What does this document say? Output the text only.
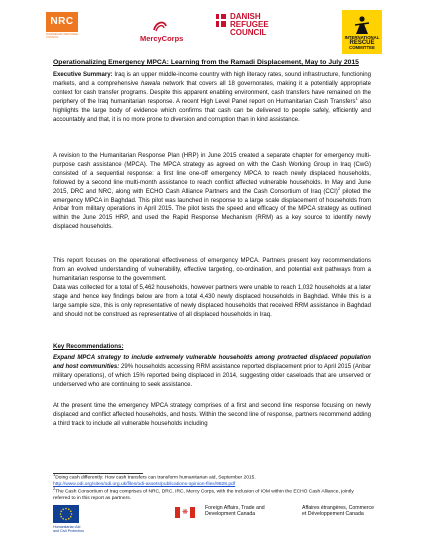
NRC
NORWEGIAN REFUGEE COUNCIL	MercyCorps
DANISH
REFUGEE
COUNCIL	INTERNATIONAL
RESCUE
COMMITTEE
Operationalizing Emergency MPCA: Learning from the Ramadi Displacement, May to July 2015

Executive Summary: Iraq is an upper middle-income country with high literacy rates, sound infrastructure, functioning markets, and a comprehensive hawala network that covers all 18 governorates, making it a potentially appropriate context for cash transfer programs. Despite this apparent enabling environment, cash transfers have remained on the periphery of the Iraq humanitarian response. A recent High Level Panel report on Humanitarian Cash Transfers$^1$ also highlights the large body of evidence which confirms that cash can be delivered to people safely, efficiently and accountably and that, it is no more prone to diversion and corruption than in kind assistance.

A revision to the Humanitarian Response Plan (HRP) in June 2015 created a separate chapter for emergency multi-purpose cash assistance (MPCA). The MPCA strategy as agreed on with the Cash Working Group in Iraq (CwG) consisted of a sequential response: a first line one-off emergency MPCA to reach newly displaced households, followed by a second line multi-month assistance to reach conflict affected vulnerable households. In May and June 2015, DRC and NRC, along with ECHO Cash Alliance Partners and the Cash Consortium of Iraq (CCI)$^2$ piloted the emergency MPCA in Baghdad. This pilot was launched in response to a large scale displacement of households from Anbar from military operations in April 2015. The pilot tests the speed and efficacy of the MPCA strategy as outlined within the June 2015 HRP, and used the Rapid Response Mechanism (RRM) as a key source to identify newly displaced households.

This report focuses on the operational effectiveness of emergency MPCA. Partners present key recommendations from an evolved understanding of vulnerability, effective targeting, co-ordination, and potential exit pathways from a humanitarian response to the government.

Data was collected for a total of 5,462 households, however partners were unable to reach 1,032 households at a later stage and hence key findings below are from a total 4,430 newly displaced households in Baghdad. While this is a large sample size, this is only representative of newly displaced households that received RRM assistance in Baghdad and should not be construed as representative of all displaced households in Iraq.

Key Recommendations:

Expand MPCA strategy to include extremely vulnerable households among protracted displaced population and host communities: 29% households accessing RRM assistance reported displacement prior to April 2015 (Anbar military operations), of which 15% reported being displaced in 2014, suggesting older caseloads that are unserved or underserved who are continuing to seek assistance.

At the present time the emergency MPCA strategy comprises of a first and second line response focusing on newly displaced and conflict affected households, and hosts. Within the second line of response, partners recommend adding a third track to include all vulnerable households including

$^1$Doing cash differently: How cash transfers can transform humanitarian aid, September 2015.
http://www.odi.org/sites/odi.org.uk/files/odi-assets/publications-opinion-files/9828.pdf

$^2$The Cash Consortium of Iraq comprises of NRC, DRC, IRC, Mercy Corps, with the inclusion of IOM within the ECHO Cash Alliance, jointly referred to in this report as partners.

Humanitarian Aid
and Civil Protection
❋
Foreign Affairs, Trade and
Development Canada
Affaires étrangères, Commerce
et Développement Canada
